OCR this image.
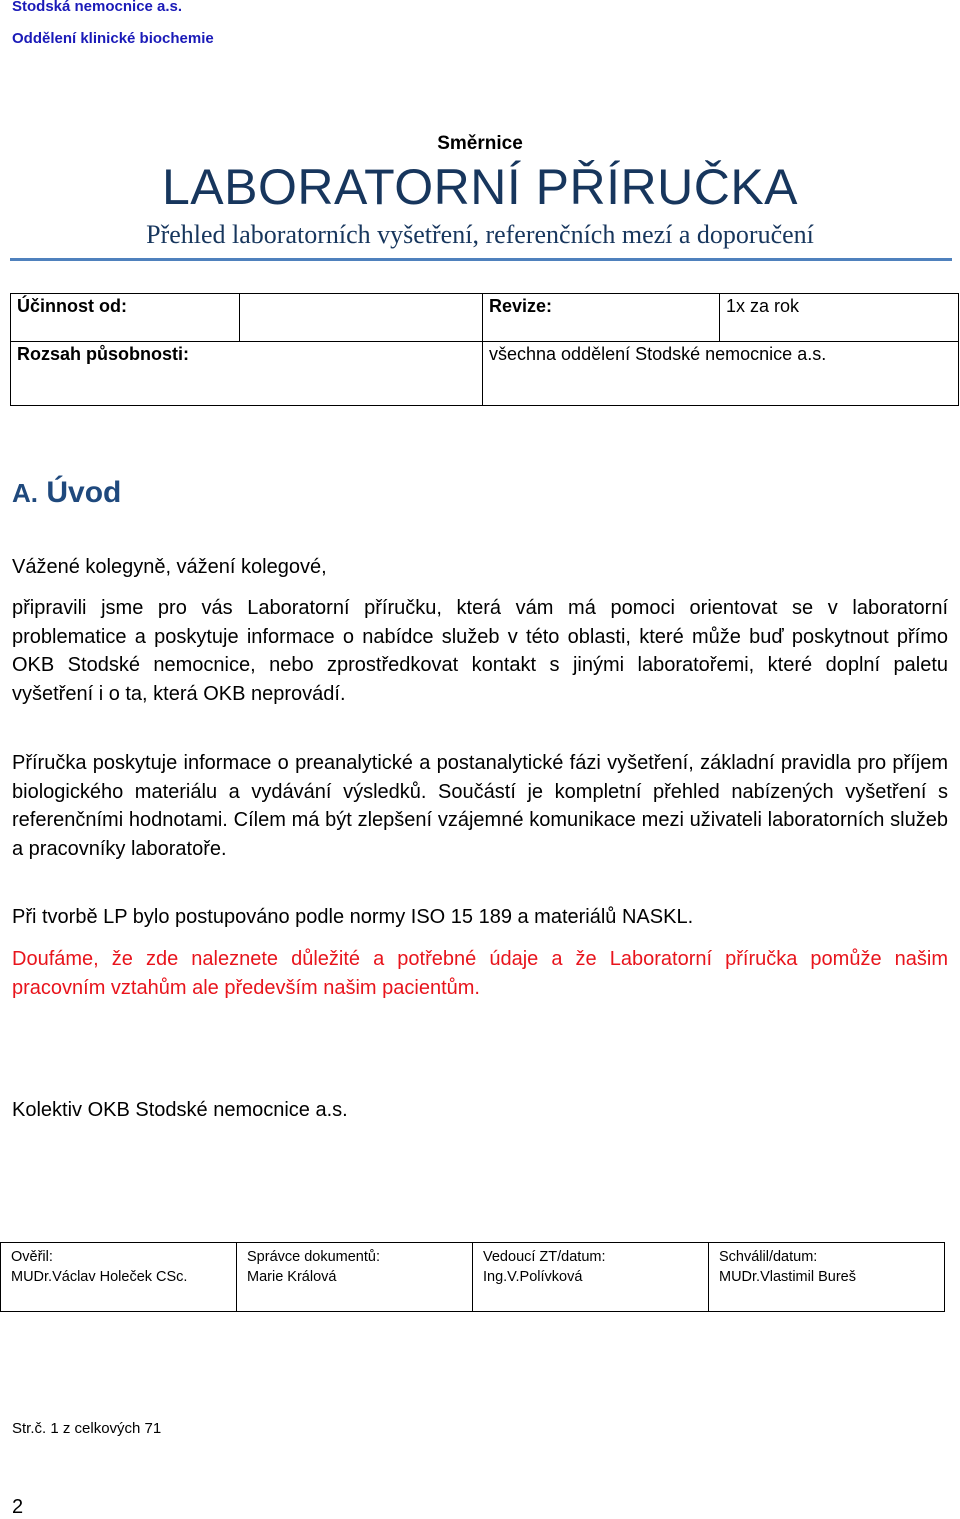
Stodská nemocnice a.s.
Oddělení klinické biochemie
Směrnice
LABORATORNÍ PŘÍRUČKA
Přehled laboratorních vyšetření, referenčních mezí a doporučení
Účinnost od:		Revize:	1x za rok
Rozsah působnosti:		všechna oddělení Stodské nemocnice a.s.	
A. Úvod
Vážené kolegyně, vážení kolegové,
připravili jsme pro vás Laboratorní příručku, která vám má pomoci orientovat se v laboratorní problematice a poskytuje informace o nabídce služeb v této oblasti, které může buď poskytnout přímo OKB Stodské nemocnice, nebo zprostředkovat kontakt s jinými laboratořemi, které doplní paletu vyšetření i o ta, která OKB neprovádí.
Příručka poskytuje informace o preanalytické a postanalytické fázi vyšetření, základní pravidla pro příjem biologického materiálu a vydávání výsledků. Součástí je kompletní přehled nabízených vyšetření s referenčními hodnotami. Cílem má být zlepšení vzájemné komunikace mezi uživateli laboratorních služeb a pracovníky laboratoře.
Při tvorbě LP bylo postupováno podle normy ISO 15 189 a materiálů NASKL.
Doufáme, že zde naleznete důležité a potřebné údaje a že Laboratorní příručka pomůže našim pracovním vztahům ale především našim pacientům.
Kolektiv OKB Stodské nemocnice a.s.
Ověřil:
MUDr.Václav Holeček CSc.

Správce dokumentů:
Marie Králová

Vedoucí ZT/datum:
Ing.V.Polívková

Schválil/datum:
MUDr.Vlastimil Bureš
Str.č. 1 z celkových 71
2
